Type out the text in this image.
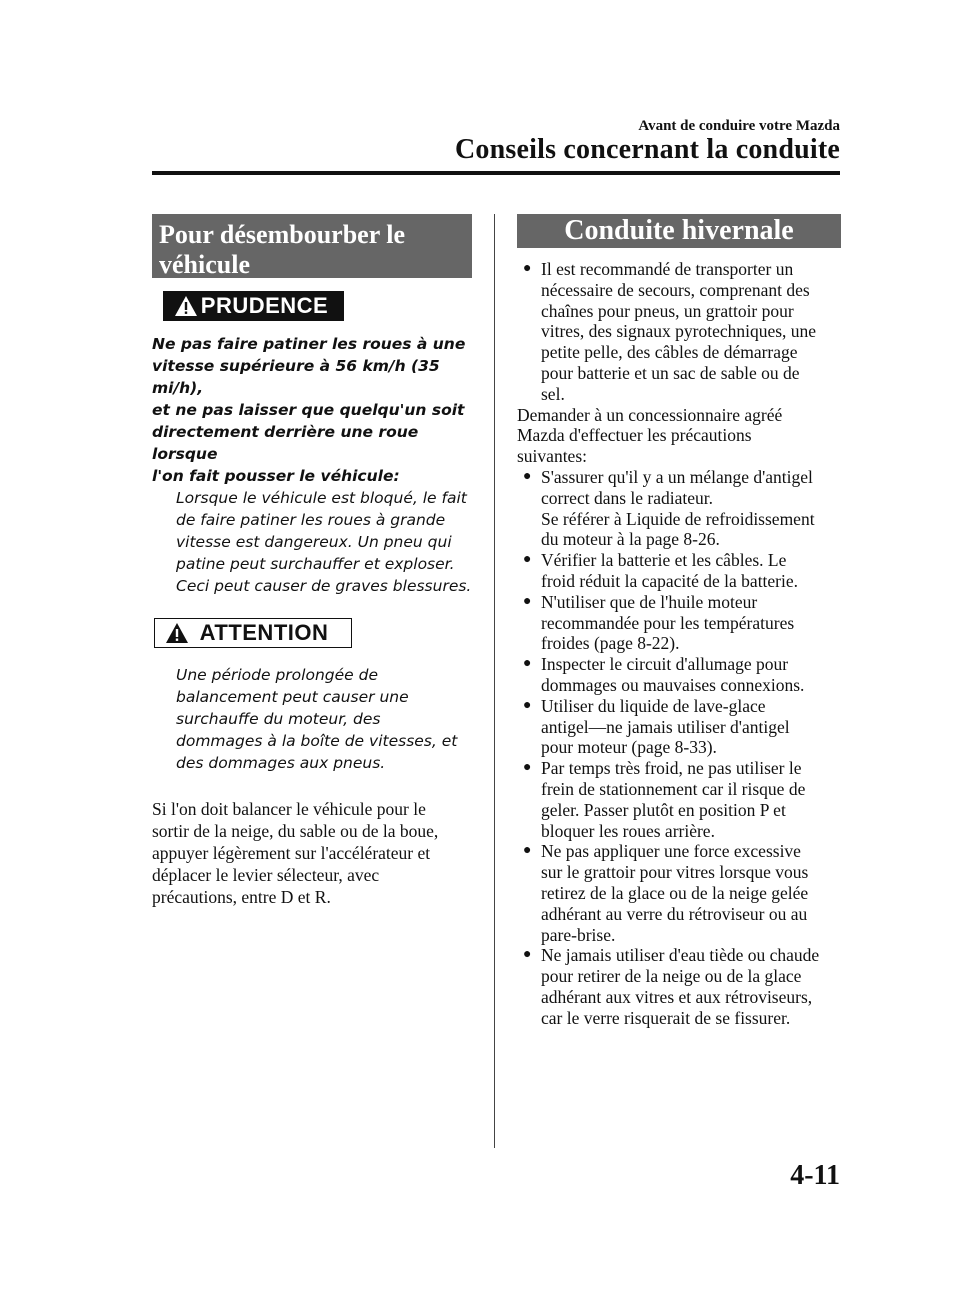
Avant de conduire votre Mazda
Conseils concernant la conduite
Pour désembourber le
véhicule
PRUDENCE
Ne pas faire patiner les roues à une
vitesse supérieure à 56 km/h (35 mi/h),
et ne pas laisser que quelqu'un soit
directement derrière une roue lorsque
l'on fait pousser le véhicule:
Lorsque le véhicule est bloqué, le fait
de faire patiner les roues à grande
vitesse est dangereux. Un pneu qui
patine peut surchauffer et exploser.
Ceci peut causer de graves blessures.
ATTENTION
Une période prolongée de
balancement peut causer une
surchauffe du moteur, des
dommages à la boîte de vitesses, et
des dommages aux pneus.
Si l'on doit balancer le véhicule pour le
sortir de la neige, du sable ou de la boue,
appuyer légèrement sur l'accélérateur et
déplacer le levier sélecteur, avec
précautions, entre D et R.
Conduite hivernale
● Il est recommandé de transporter un
nécessaire de secours, comprenant des
chaînes pour pneus, un grattoir pour
vitres, des signaux pyrotechniques, une
petite pelle, des câbles de démarrage
pour batterie et un sac de sable ou de
sel.
Demander à un concessionnaire agréé
Mazda d'effectuer les précautions
suivantes:
● S'assurer qu'il y a un mélange d'antigel
correct dans le radiateur.
Se référer à Liquide de refroidissement
du moteur à la page 8-26.
● Vérifier la batterie et les câbles. Le
froid réduit la capacité de la batterie.
● N'utiliser que de l'huile moteur
recommandée pour les températures
froides (page 8-22).
● Inspecter le circuit d'allumage pour
dommages ou mauvaises connexions.
● Utiliser du liquide de lave-glace
antigel―ne jamais utiliser d'antigel
pour moteur (page 8-33).
● Par temps très froid, ne pas utiliser le
frein de stationnement car il risque de
geler. Passer plutôt en position P et
bloquer les roues arrière.
● Ne pas appliquer une force excessive
sur le grattoir pour vitres lorsque vous
retirez de la glace ou de la neige gelée
adhérant au verre du rétroviseur ou au
pare-brise.
● Ne jamais utiliser d'eau tiède ou chaude
pour retirer de la neige ou de la glace
adhérant aux vitres et aux rétroviseurs,
car le verre risquerait de se fissurer.
4-11
